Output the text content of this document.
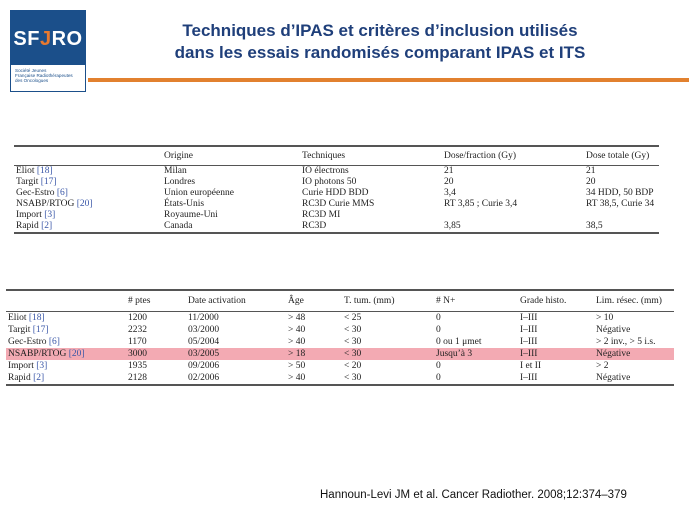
SFJRO
Société Jeunes
Française Radiothérapeutes
des Oncologues
Techniques d’IPAS et critères d’inclusion utilisés
dans les essais randomisés comparant IPAS et ITS
	Origine	Techniques	Dose/fraction (Gy)	Dose totale (Gy)
Eliot [18]	Milan	IO électrons	21	21
Targit [17]	Londres	IO photons 50	20	20
Gec-Estro [6]	Union européenne	Curie HDD BDD	3,4	34 HDD, 50 BDP
NSABP/RTOG [20]	États-Unis	RC3D Curie MMS	RT 3,85 ; Curie 3,4	RT 38,5, Curie 34
Import [3]	Royaume-Uni	RC3D MI		
Rapid [2]	Canada	RC3D	3,85	38,5
	# ptes	Date activation	Âge	T. tum. (mm)	# N+	Grade histo.	Lim. résec. (mm)
Eliot [18]	1200	11/2000	> 48	< 25	0	I–III	> 10
Targit [17]	2232	03/2000	> 40	< 30	0	I–III	Négative
Gec-Estro [6]	1170	05/2004	> 40	< 30	0 ou 1 μmet	I–III	> 2 inv., > 5 i.s.
NSABP/RTOG [20]	3000	03/2005	> 18	< 30	Jusqu’à 3	I–III	Négative
Import [3]	1935	09/2006	> 50	< 20	0	I et II	> 2
Rapid [2]	2128	02/2006	> 40	< 30	0	I–III	Négative
Hannoun-Levi JM et al. Cancer Radiother. 2008;12:374–379
